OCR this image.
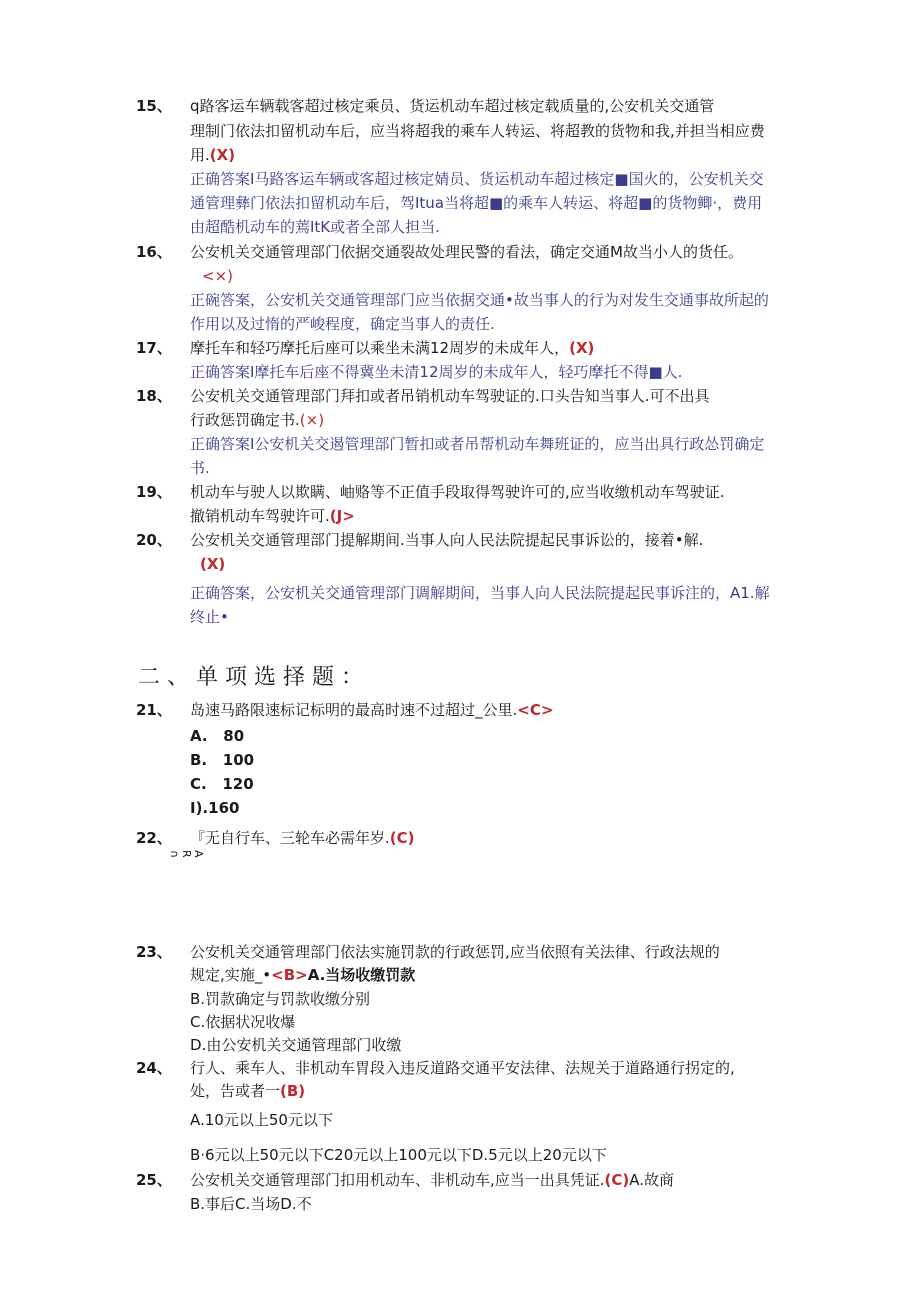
15、 q路客运车辆载客超过核定乘员、货运机动车超过核定载质量的,公安机关交通管
理制门依法扣留机动车后，应当将超我的乘车人转运、将超教的货物和我,并担当相应费
用.(X)
正确答案I马路客运车辆或客超过核定婧员、货运机动车超过核定■国火的，公安机关交
通管理彝门依法扣留机动车后，驾Itua当将超■的乘车人转运、将超■的货物鲫·，费用
由超酷机动车的蔫ItK或者全部人担当.
16、 公安机关交通管理部门依据交通裂故处理民警的看法，确定交通M故当小人的货任。
<×)
正碗答案，公安机关交通管理部门应当依据交通•故当事人的行为对发生交通事故所起的
作用以及过惰的严峻程度，确定当事人的责任.
17、 摩托车和轻巧摩托后座可以乘坐未满12周岁的未成年人，(X)
正确答案I摩托车后座不得冀坐未清12周岁的未成年人，轻巧摩托不得■人.
18、 公安机关交通管理部门拜扣或者吊销机动车驾驶证的.口头告知当事人.可不出具
行政惩罚确定书.(×)
正确答案I公安机关交遏管理部门暂扣或者吊帮机动车舞班证的，应当出具行政怂罚确定
书.
19、 机动车与驶人以欺瞒、岫赂等不正值手段取得驾驶许可的,应当收缴机动车驾驶证.
撤销机动车驾驶许可.(J>
20、 公安机关交通管理部门提解期间.当事人向人民法院提起民事诉讼的，接着•解.
(X)
正确答案，公安机关交通管理部门调解期间，当事人向人民法院提起民事诉注的，A1.解
终止•
二、单项选择题：
21、 岛速马路限速标记标明的最高时速不过超过_公里.<C>
A.   80
B.   100
C.   120
I).160
22、 『无自行车、三轮车必需年岁.(C)
A R ∩
23、 公安机关交通管理部门依法实施罚款的行政惩罚,应当依照有关法律、行政法规的
规定,实施_•<B>A.当场收缴罚款
B.罚款确定与罚款收缴分别
C.依据状况收爆
D.由公安机关交通管理部门收缴
24、 行人、乘车人、非机动车胃段入违反道路交通平安法律、法规关于道路通行拐定的,
处，告或者一(B)
A.10元以上50元以下
B·6元以上50元以下C20元以上100元以下D.5元以上20元以下
25、 公安机关交通管理部门扣用机动车、非机动车,应当一出具凭证.(C)A.故商
B.事后C.当场D.不
